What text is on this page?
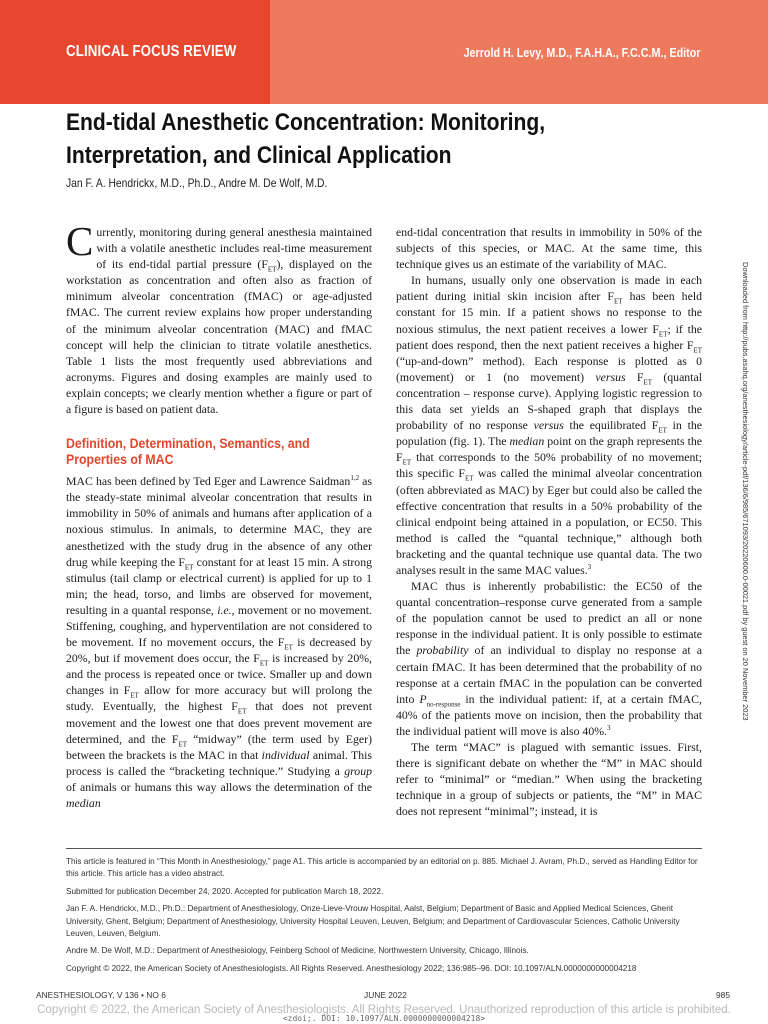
CLINICAL FOCUS REVIEW	Jerrold H. Levy, M.D., F.A.H.A., F.C.C.M., Editor
End-tidal Anesthetic Concentration: Monitoring,
Interpretation, and Clinical Application
Jan F. A. Hendrickx, M.D., Ph.D., Andre M. De Wolf, M.D.

Currently, monitoring during general anesthesia maintained with a volatile anesthetic includes real-time measurement of its end-tidal partial pressure $(F_{ET})$, displayed on the workstation as concentration and often also as fraction of minimum alveolar concentration (fMAC) or age-adjusted fMAC. The current review explains how proper understanding of the minimum alveolar concentration (MAC) and fMAC concept will help the clinician to titrate volatile anesthetics. Table 1 lists the most frequently used abbreviations and acronyms. Figures and dosing examples are mainly used to explain concepts; we clearly mention whether a figure or part of a figure is based on patient data.

Definition, Determination, Semantics, and
Properties of MAC

MAC has been defined by Ted Eger and Lawrence Saidman$^{1,2}$ as the steady-state minimal alveolar concentration that results in immobility in 50% of animals and humans after application of a noxious stimulus. In animals, to determine MAC, they are anesthetized with the study drug in the absence of any other drug while keeping the $F_{ET}$ constant for at least 15 min. A strong stimulus (tail clamp or electrical current) is applied for up to 1 min; the head, torso, and limbs are observed for movement, resulting in a quantal response, i.e., movement or no movement. Stiffening, coughing, and hyperventilation are not considered to be movement. If no movement occurs, the $F_{ET}$ is decreased by 20%, but if movement does occur, the $F_{ET}$ is increased by 20%, and the process is repeated once or twice. Smaller up and down changes in $F_{ET}$ allow for more accuracy but will prolong the study. Eventually, the highest $F_{ET}$ that does not prevent movement and the lowest one that does prevent movement are determined, and the $F_{ET}$ “midway” (the term used by Eger) between the brackets is the MAC in that individual animal. This process is called the “bracketing technique.” Studying a group of animals or humans this way allows the determination of the median

end-tidal concentration that results in immobility in 50% of the subjects of this species, or MAC. At the same time, this technique gives us an estimate of the variability of MAC.

In humans, usually only one observation is made in each patient during initial skin incision after $F_{ET}$ has been held constant for 15 min. If a patient shows no response to the noxious stimulus, the next patient receives a lower $F_{ET}$; if the patient does respond, then the next patient receives a higher $F_{ET}$ (“up-and-down” method). Each response is plotted as 0 (movement) or 1 (no movement) versus $F_{ET}$ (quantal concentration – response curve). Applying logistic regression to this data set yields an S-shaped graph that displays the probability of no response versus the equilibrated $F_{ET}$ in the population (fig. 1). The median point on the graph represents the $F_{ET}$ that corresponds to the 50% probability of no movement; this specific $F_{ET}$ was called the minimal alveolar concentration (often abbreviated as MAC) by Eger but could also be called the effective concentration that results in a 50% probability of the clinical endpoint being attained in a population, or EC50. This method is called the “quantal technique,” although both bracketing and the quantal technique use quantal data. The two analyses result in the same MAC values.$^3$

MAC thus is inherently probabilistic: the EC50 of the quantal concentration–response curve generated from a sample of the population cannot be used to predict an all or none response in the individual patient. It is only possible to estimate the probability of an individual to display no response at a certain fMAC. It has been determined that the probability of no response at a certain fMAC in the population can be converted into $P_{no-response}$ in the individual patient: if, at a certain fMAC, 40% of the patients move on incision, then the probability that the individual patient will move is also 40%.$^3$

The term “MAC” is plagued with semantic issues. First, there is significant debate on whether the “M” in MAC should refer to “minimal” or “median.” When using the bracketing technique in a group of subjects or patients, the “M” in MAC does not represent “minimal”; instead, it is

Downloaded from http://pubs.asahq.org/anesthesiology/article-pdf/136/6/985/671093/20220600.0-00021.pdf by guest on 20 November 2023

This article is featured in “This Month in Anesthesiology,” page A1. This article is accompanied by an editorial on p. 885. Michael J. Avram, Ph.D., served as Handling Editor for this article. This article has a video abstract.

Submitted for publication December 24, 2020. Accepted for publication March 18, 2022.

Jan F. A. Hendrickx, M.D., Ph.D.: Department of Anesthesiology, Onze-Lieve-Vrouw Hospital, Aalst, Belgium; Department of Basic and Applied Medical Sciences, Ghent University, Ghent, Belgium; Department of Anesthesiology, University Hospital Leuven, Leuven, Belgium; and Department of Cardiovascular Sciences, Catholic University Leuven, Leuven, Belgium.

Andre M. De Wolf, M.D.: Department of Anesthesiology, Feinberg School of Medicine, Northwestern University, Chicago, Illinois.

Copyright © 2022, the American Society of Anesthesiologists. All Rights Reserved. Anesthesiology 2022; 136:985–96. DOI: 10.1097/ALN.0000000000004218

ANESTHESIOLOGY, V 136 • NO 6	JUNE 2022	985
Copyright © 2022, the American Society of Anesthesiologists. All Rights Reserved. Unauthorized reproduction of this article is prohibited.
<zdoi;. DOI: 10.1097/ALN.0000000000004218>
